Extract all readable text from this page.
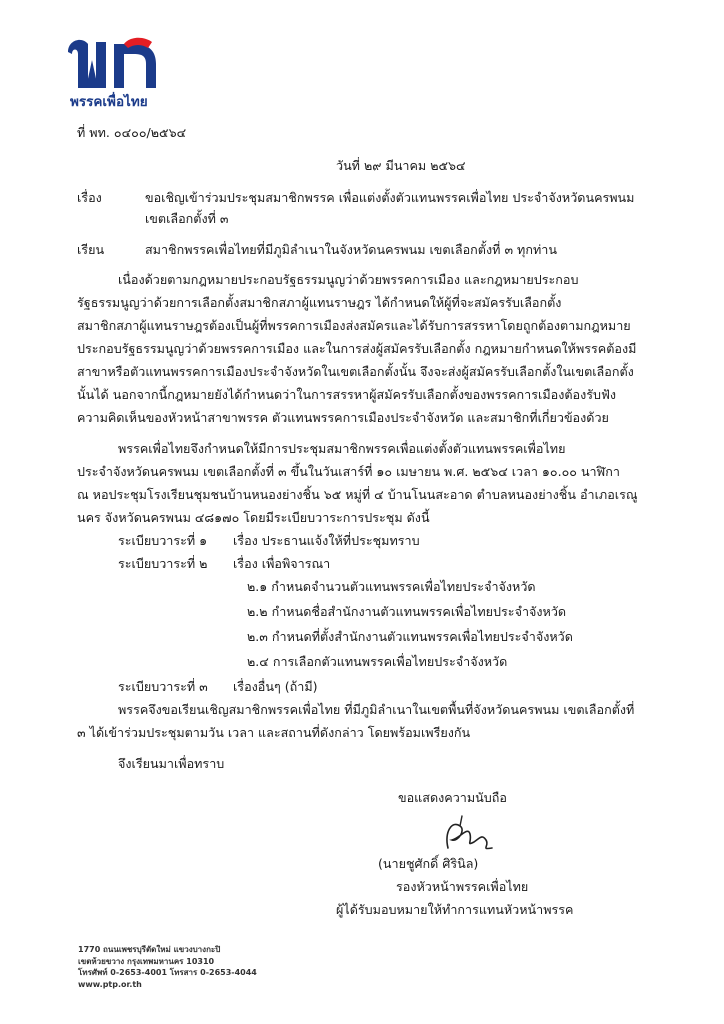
พรรคเพื่อไทย
ที่ พท. ๐๔๐๐/๒๕๖๔
วันที่ ๒๙ มีนาคม ๒๕๖๔
เรื่อง	ขอเชิญเข้าร่วมประชุมสมาชิกพรรค เพื่อแต่งตั้งตัวแทนพรรคเพื่อไทย ประจำจังหวัดนครพนม
เขตเลือกตั้งที่ ๓
เรียน	สมาชิกพรรคเพื่อไทยที่มีภูมิลำเนาในจังหวัดนครพนม เขตเลือกตั้งที่ ๓ ทุกท่าน
เนื่องด้วยตามกฎหมายประกอบรัฐธรรมนูญว่าด้วยพรรคการเมือง และกฎหมายประกอบ
รัฐธรรมนูญว่าด้วยการเลือกตั้งสมาชิกสภาผู้แทนราษฎร ได้กำหนดให้ผู้ที่จะสมัครรับเลือกตั้ง
สมาชิกสภาผู้แทนราษฎรต้องเป็นผู้ที่พรรคการเมืองส่งสมัครและได้รับการสรรหาโดยถูกต้องตามกฎหมาย
ประกอบรัฐธรรมนูญว่าด้วยพรรคการเมือง และในการส่งผู้สมัครรับเลือกตั้ง กฎหมายกำหนดให้พรรคต้องมี
สาขาหรือตัวแทนพรรคการเมืองประจำจังหวัดในเขตเลือกตั้งนั้น จึงจะส่งผู้สมัครรับเลือกตั้งในเขตเลือกตั้ง
นั้นได้ นอกจากนี้กฎหมายยังได้กำหนดว่าในการสรรหาผู้สมัครรับเลือกตั้งของพรรคการเมืองต้องรับฟัง
ความคิดเห็นของหัวหน้าสาขาพรรค ตัวแทนพรรคการเมืองประจำจังหวัด และสมาชิกที่เกี่ยวข้องด้วย
พรรคเพื่อไทยจึงกำหนดให้มีการประชุมสมาชิกพรรคเพื่อแต่งตั้งตัวแทนพรรคเพื่อไทย
ประจำจังหวัดนครพนม เขตเลือกตั้งที่ ๓ ขึ้นในวันเสาร์ที่ ๑๐ เมษายน พ.ศ. ๒๕๖๔ เวลา ๑๐.๐๐ นาฬิกา
ณ หอประชุมโรงเรียนชุมชนบ้านหนองย่างชิ้น ๖๕ หมู่ที่ ๔ บ้านโนนสะอาด ตำบลหนองย่างชิ้น อำเภอเรณู
นคร จังหวัดนครพนม ๔๘๑๗๐ โดยมีระเบียบวาระการประชุม ดังนี้
ระเบียบวาระที่ ๑ เรื่อง ประธานแจ้งให้ที่ประชุมทราบ
ระเบียบวาระที่ ๒ เรื่อง เพื่อพิจารณา
๒.๑ กำหนดจำนวนตัวแทนพรรคเพื่อไทยประจำจังหวัด
๒.๒ กำหนดชื่อสำนักงานตัวแทนพรรคเพื่อไทยประจำจังหวัด
๒.๓ กำหนดที่ตั้งสำนักงานตัวแทนพรรคเพื่อไทยประจำจังหวัด
๒.๔ การเลือกตัวแทนพรรคเพื่อไทยประจำจังหวัด
ระเบียบวาระที่ ๓ เรื่องอื่นๆ (ถ้ามี)
พรรคจึงขอเรียนเชิญสมาชิกพรรคเพื่อไทย ที่มีภูมิลำเนาในเขตพื้นที่จังหวัดนครพนม เขตเลือกตั้งที่
๓ ได้เข้าร่วมประชุมตามวัน เวลา และสถานที่ดังกล่าว โดยพร้อมเพรียงกัน
จึงเรียนมาเพื่อทราบ
ขอแสดงความนับถือ
(นายชูศักดิ์ ศิรินิล)
รองหัวหน้าพรรคเพื่อไทย
ผู้ได้รับมอบหมายให้ทำการแทนหัวหน้าพรรค
1770 ถนนเพชรบุรีตัดใหม่ แขวงบางกะปิ
เขตห้วยขวาง กรุงเทพมหานคร 10310
โทรศัพท์ 0-2653-4001 โทรสาร 0-2653-4044
www.ptp.or.th
